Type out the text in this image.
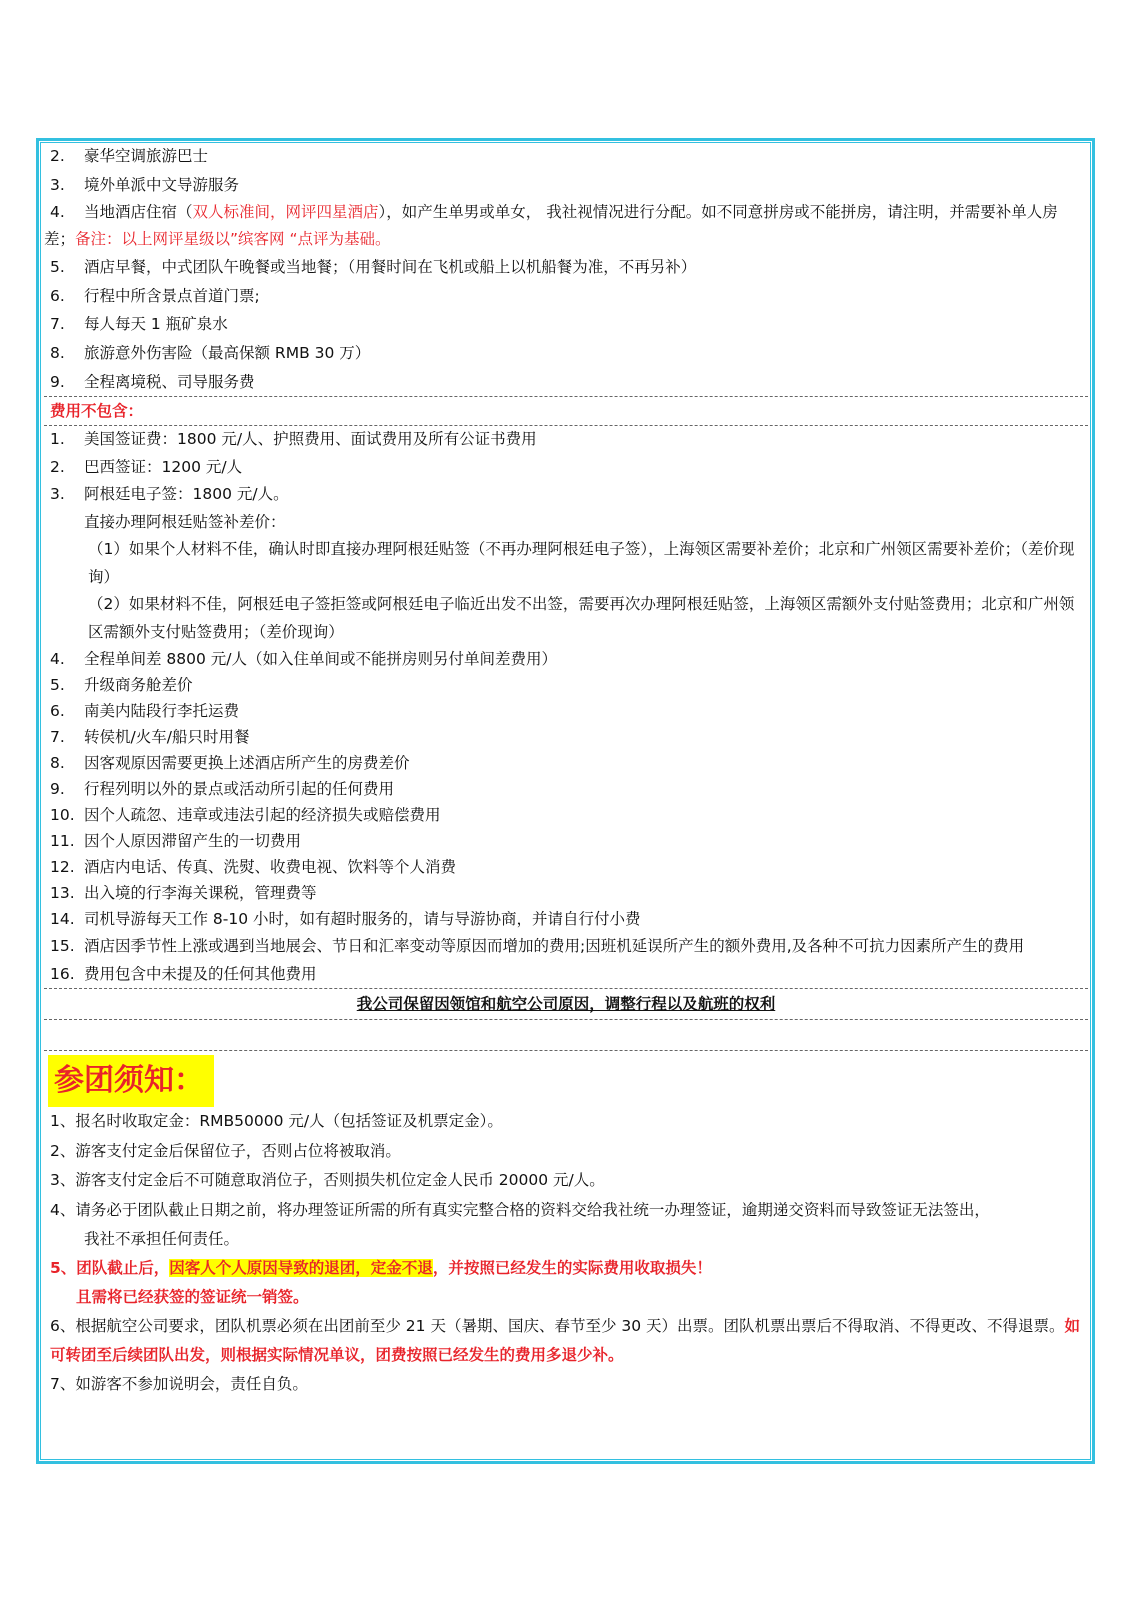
2. 豪华空调旅游巴士
3. 境外单派中文导游服务
4. 当地酒店住宿（双人标准间，网评四星酒店），如产生单男或单女， 我社视情况进行分配。如不同意拼房或不能拼房，请注明，并需要补单人房差；备注：以上网评星级以”缤客网 “点评为基础。
5. 酒店早餐，中式团队午晚餐或当地餐；（用餐时间在飞机或船上以机船餐为准，不再另补）
6. 行程中所含景点首道门票;
7. 每人每天 1 瓶矿泉水
8. 旅游意外伤害险（最高保额 RMB 30 万）
9. 全程离境税、司导服务费
费用不包含：
1. 美国签证费：1800 元/人、护照费用、面试费用及所有公证书费用
2. 巴西签证：1200 元/人
3. 阿根廷电子签：1800 元/人。
直接办理阿根廷贴签补差价：
（1）如果个人材料不佳，确认时即直接办理阿根廷贴签（不再办理阿根廷电子签），上海领区需要补差价；北京和广州领区需要补差价；（差价现询）
（2）如果材料不佳，阿根廷电子签拒签或阿根廷电子临近出发不出签，需要再次办理阿根廷贴签，上海领区需额外支付贴签费用；北京和广州领区需额外支付贴签费用；（差价现询）
4. 全程单间差 8800 元/人（如入住单间或不能拼房则另付单间差费用）
5. 升级商务舱差价
6. 南美内陆段行李托运费
7. 转侯机/火车/船只时用餐
8. 因客观原因需要更换上述酒店所产生的房费差价
9. 行程列明以外的景点或活动所引起的任何费用
10. 因个人疏忽、违章或违法引起的经济损失或赔偿费用
11. 因个人原因滞留产生的一切费用
12. 酒店内电话、传真、洗熨、收费电视、饮料等个人消费
13. 出入境的行李海关课税，管理费等
14. 司机导游每天工作 8-10 小时，如有超时服务的，请与导游协商，并请自行付小费
15. 酒店因季节性上涨或遇到当地展会、节日和汇率变动等原因而增加的费用;因班机延误所产生的额外费用,及各种不可抗力因素所产生的费用
16. 费用包含中未提及的任何其他费用
我公司保留因领馆和航空公司原因，调整行程以及航班的权利
参团须知：
1、报名时收取定金：RMB50000 元/人（包括签证及机票定金）。
2、游客支付定金后保留位子，否则占位将被取消。
3、游客支付定金后不可随意取消位子，否则损失机位定金人民币 20000 元/人。
4、请务必于团队截止日期之前，将办理签证所需的所有真实完整合格的资料交给我社统一办理签证，逾期递交资料而导致签证无法签出，
我社不承担任何责任。
5、团队截止后，因客人个人原因导致的退团，定金不退，并按照已经发生的实际费用收取损失！
且需将已经获签的签证统一销签。
6、根据航空公司要求，团队机票必须在出团前至少 21 天（暑期、国庆、春节至少 30 天）出票。团队机票出票后不得取消、不得更改、不得退票。如可转团至后续团队出发，则根据实际情况单议，团费按照已经发生的费用多退少补。
7、如游客不参加说明会，责任自负。
